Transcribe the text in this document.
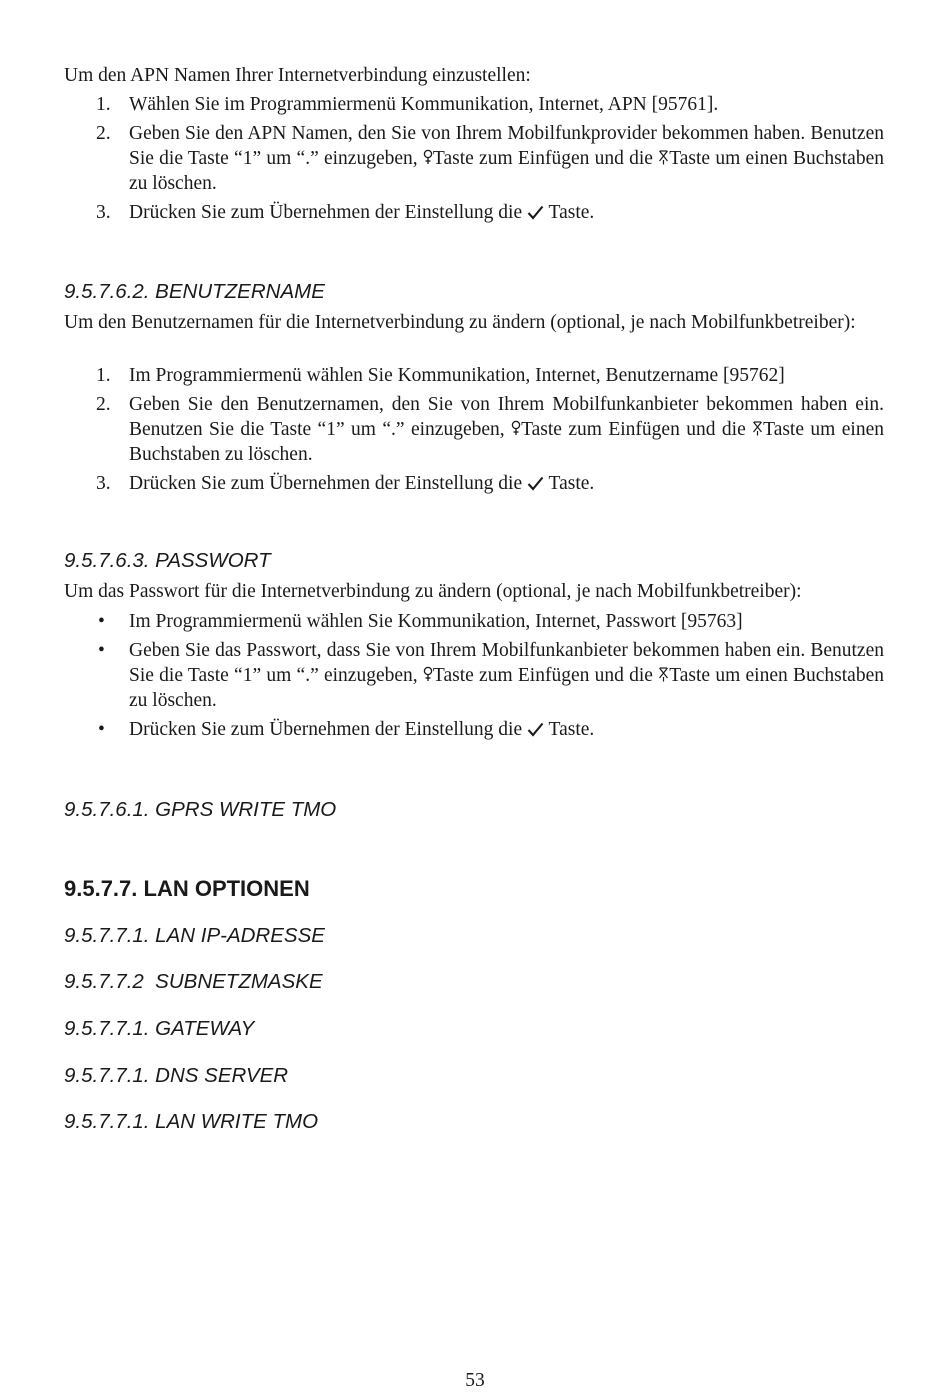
Um den APN Namen Ihrer Internetverbindung einzustellen:

1. Wählen Sie im Programmiermenü Kommunikation, Internet, APN [95761].
2. Geben Sie den APN Namen, den Sie von Ihrem Mobilfunkprovider bekommen haben. Benutzen Sie die Taste “1” um “.” einzugeben, Taste zum Einfügen und die Taste um einen Buchstaben zu löschen.
3. Drücken Sie zum Übernehmen der Einstellung die Taste.
9.5.7.6.2. BENUTZERNAME

Um den Benutzernamen für die Internetverbindung zu ändern (optional, je nach Mobilfunkbetreiber):

1. Im Programmiermenü wählen Sie Kommunikation, Internet, Benutzername [95762]
2. Geben Sie den Benutzernamen, den Sie von Ihrem Mobilfunkanbieter bekommen haben ein. Benutzen Sie die Taste “1” um “.” einzugeben, Taste zum Einfügen und die Taste um einen Buchstaben zu löschen.
3. Drücken Sie zum Übernehmen der Einstellung die Taste.
9.5.7.6.3. PASSWORT

Um das Passwort für die Internetverbindung zu ändern (optional, je nach Mobilfunkbetreiber):

• Im Programmiermenü wählen Sie Kommunikation, Internet, Passwort [95763]
• Geben Sie das Passwort, dass Sie von Ihrem Mobilfunkanbieter bekommen haben ein. Benutzen Sie die Taste “1” um “.” einzugeben, Taste zum Einfügen und die Taste um einen Buchstaben zu löschen.
• Drücken Sie zum Übernehmen der Einstellung die Taste.
9.5.7.6.1. GPRS WRITE TMO
9.5.7.7. LAN OPTIONEN
9.5.7.7.1. LAN IP-ADRESSE
9.5.7.7.2  SUBNETZMASKE
9.5.7.7.1. GATEWAY
9.5.7.7.1. DNS SERVER
9.5.7.7.1. LAN WRITE TMO
53
